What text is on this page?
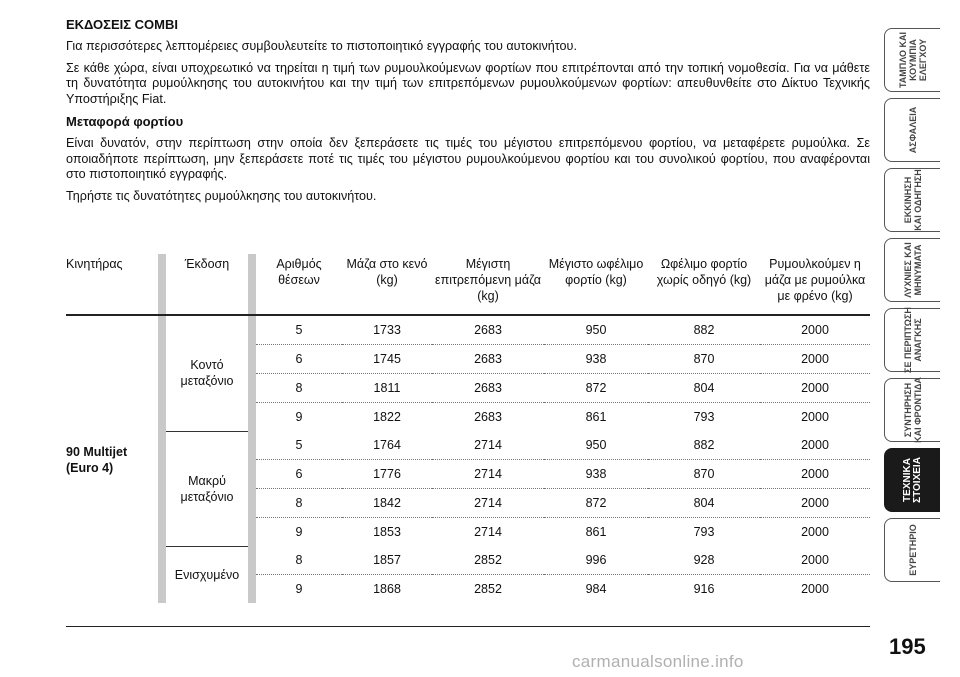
ΕΚΔΟΣΕΙΣ COMBI

Για περισσότερες λεπτομέρειες συμβουλευτείτε το πιστοποιητικό εγγραφής του αυτοκινήτου.

Σε κάθε χώρα, είναι υποχρεωτικό να τηρείται η τιμή των ρυμουλκούμενων φορτίων που επιτρέπονται από την τοπική νομοθεσία. Για να μάθετε τη δυνατότητα ρυμούλκησης του αυτοκινήτου και την τιμή των επιτρεπόμενων ρυμουλκούμενων φορτίων: απευθυνθείτε στο Δίκτυο Τεχνικής Υποστήριξης Fiat.

Μεταφορά φορτίου

Είναι δυνατόν, στην περίπτωση στην οποία δεν ξεπεράσετε τις τιμές του μέγιστου επιτρεπόμενου φορτίου, να μεταφέρετε ρυμούλκα. Σε οποιαδήποτε περίπτωση, μην ξεπεράσετε ποτέ τις τιμές του μέγιστου ρυμουλκούμενου φορτίου και του συνολικού φορτίου, που αναφέρονται στο πιστοποιητικό εγγραφής.

Τηρήστε τις δυνατότητες ρυμούλκησης του αυτοκινήτου.

Κινητήρας		Έκδοση		Αριθμός θέσεων	Μάζα στο κενό (kg)	Μέγιστη επιτρεπόμενη μάζα (kg)	Μέγιστο ωφέλιμο φορτίο (kg)	Ωφέλιμο φορτίο χωρίς οδηγό (kg)	Ρυμουλκούμεν η μάζα με ρυμούλκα με φρένο (kg)
90 Multijet (Euro 4)		Κοντό μεταξόνιο		5	1733	2683	950	882	2000
				6	1745	2683	938	870	2000
				8	1811	2683	872	804	2000
				9	1822	2683	861	793	2000
		Μακρύ μεταξόνιο		5	1764	2714	950	882	2000
				6	1776	2714	938	870	2000
				8	1842	2714	872	804	2000
				9	1853	2714	861	793	2000
		Ενισχυμένο		8	1857	2852	996	928	2000
				9	1868	2852	984	916	2000
ΤΑΜΠΛΟ ΚΑΙ
ΚΟΥΜΠΙΑ
ΕΛΕΓΧΟΥ
ΑΣΦΑΛΕΙΑ
ΕΚΚΙΝΗΣΗ
ΚΑΙ ΟΔΗΓΗΣΗ
ΛΥΧΝΙΕΣ ΚΑΙ
ΜΗΝΥΜΑΤΑ
ΣΕ ΠΕΡΙΠΤΩΣΗ
ΑΝΑΓΚΗΣ
ΣΥΝΤΗΡΗΣΗ
ΚΑΙ ΦΡΟΝΤΙΔΑ
ΤΕΧΝΙΚΑ
ΣΤΟΙΧΕΙΑ
ΕΥΡΕΤΗΡΙΟ
195
carmanualsonline.info
